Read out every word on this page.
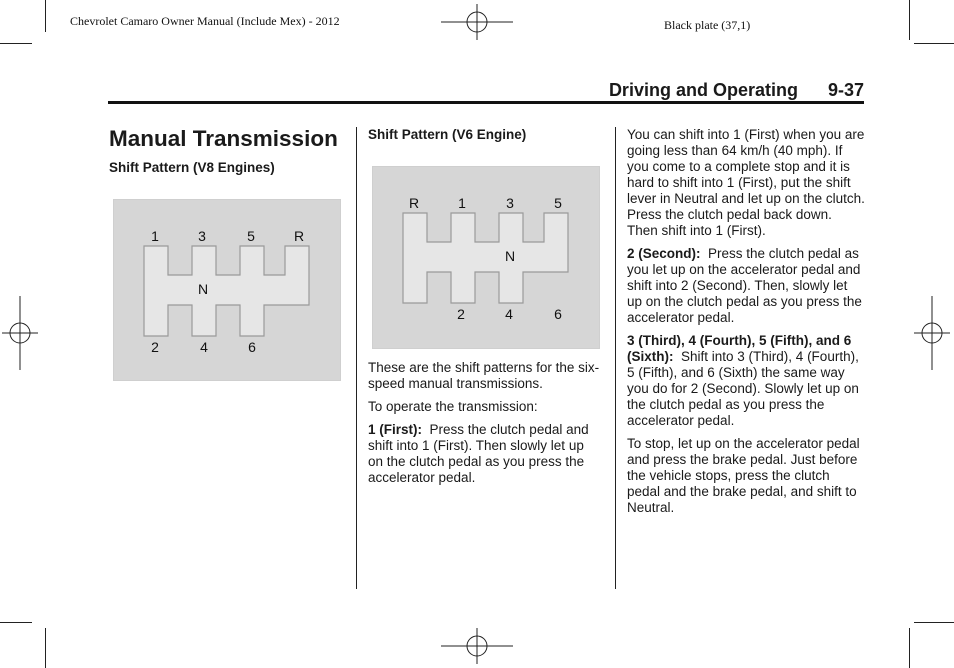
Chevrolet Camaro Owner Manual (Include Mex) - 2012	Black plate (37,1)
Driving and Operating 9-37
Manual Transmission
Shift Pattern (V8 Engines)
1	3	5	R
N
2	4	6
Shift Pattern (V6 Engine)
R	1	3	5
N
2	4	6

These are the shift patterns for the six-speed manual transmissions.

To operate the transmission:

1 (First): Press the clutch pedal and shift into 1 (First). Then slowly let up on the clutch pedal as you press the accelerator pedal.

You can shift into 1 (First) when you are going less than 64 km/h (40 mph). If you come to a complete stop and it is hard to shift into 1 (First), put the shift lever in Neutral and let up on the clutch. Press the clutch pedal back down. Then shift into 1 (First).

2 (Second): Press the clutch pedal as you let up on the accelerator pedal and shift into 2 (Second). Then, slowly let up on the clutch pedal as you press the accelerator pedal.

3 (Third), 4 (Fourth), 5 (Fifth), and 6 (Sixth): Shift into 3 (Third), 4 (Fourth), 5 (Fifth), and 6 (Sixth) the same way you do for 2 (Second). Slowly let up on the clutch pedal as you press the accelerator pedal.

To stop, let up on the accelerator pedal and press the brake pedal. Just before the vehicle stops, press the clutch pedal and the brake pedal, and shift to Neutral.
